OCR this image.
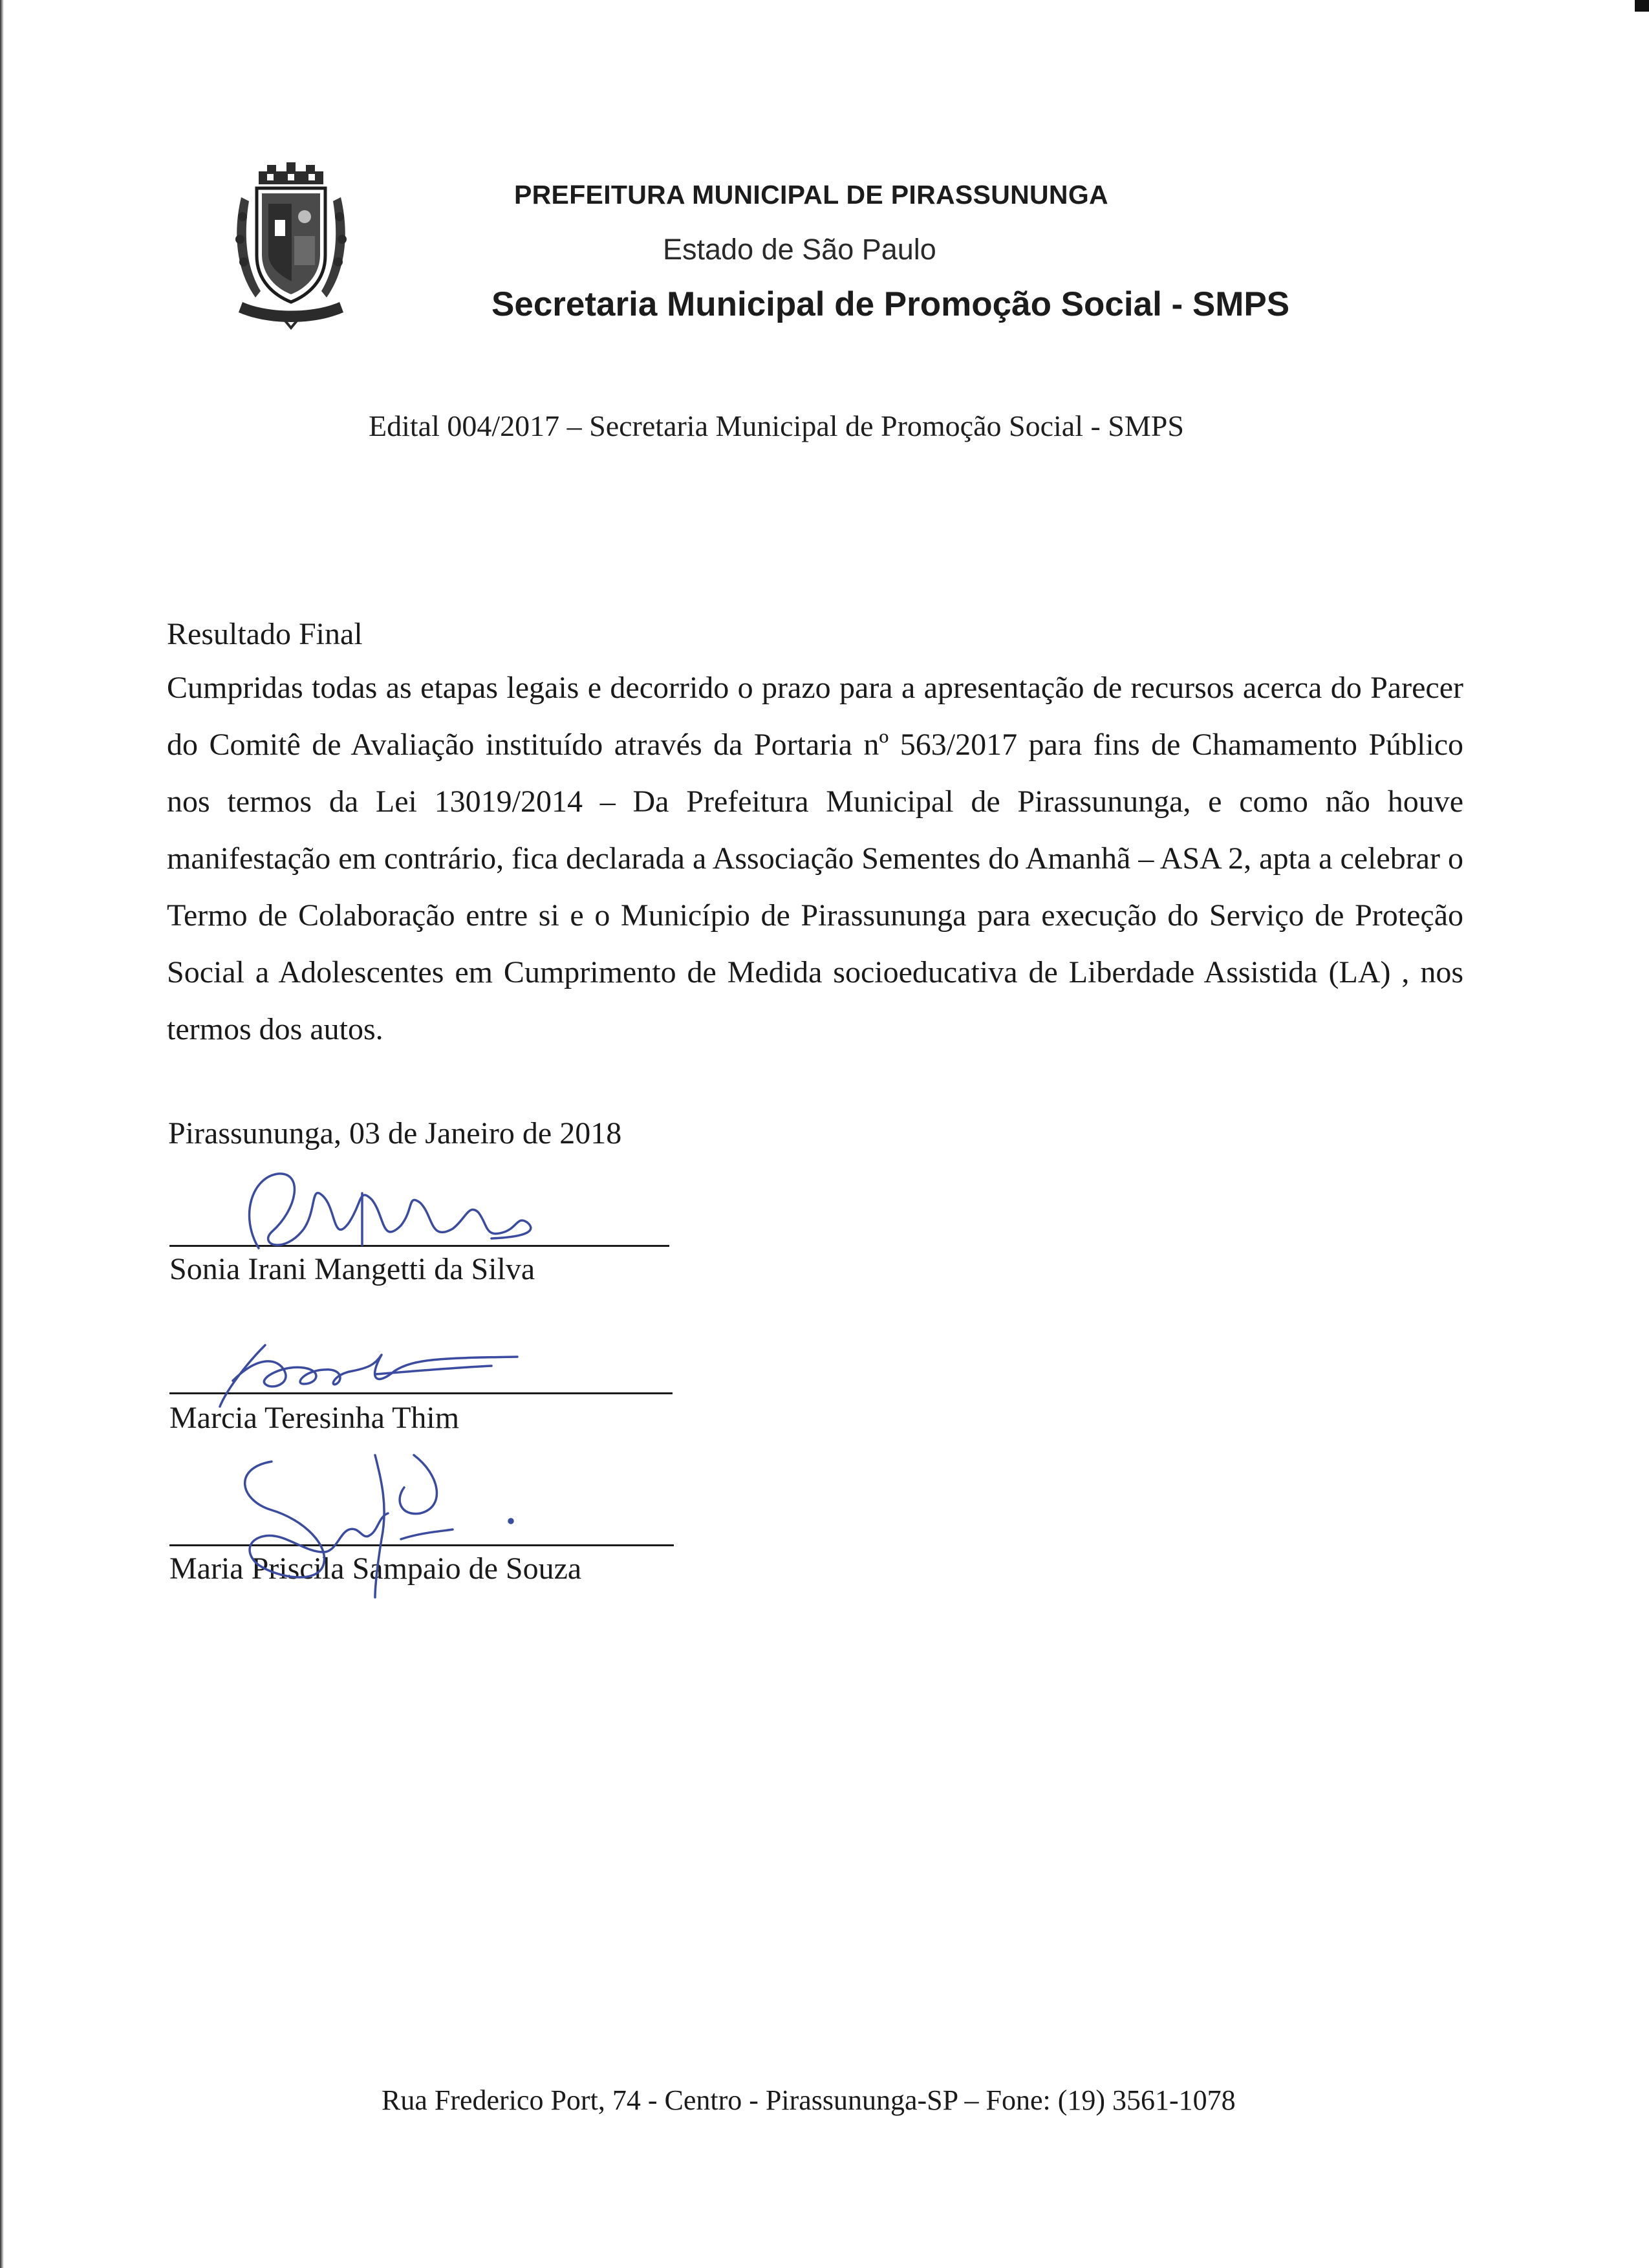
PREFEITURA MUNICIPAL DE PIRASSUNUNGA
Estado de São Paulo
Secretaria Municipal de Promoção Social - SMPS
Edital 004/2017 – Secretaria Municipal de Promoção Social - SMPS
Resultado Final
Cumpridas todas as etapas legais e decorrido o prazo para a apresentação de recursos acerca do Parecer do Comitê de Avaliação instituído através da Portaria nº 563/2017 para fins de Chamamento Público nos termos da Lei 13019/2014 – Da Prefeitura Municipal de Pirassununga, e como não houve manifestação em contrário, fica declarada a Associação Sementes do Amanhã – ASA 2, apta a celebrar o Termo de Colaboração entre si e o Município de Pirassununga para execução do Serviço de Proteção Social a Adolescentes em Cumprimento de Medida socioeducativa de Liberdade Assistida (LA) , nos termos dos autos.
Pirassununga, 03 de Janeiro de 2018
Sonia Irani Mangetti da Silva
Marcia Teresinha Thim
Maria Priscila Sampaio de Souza
Rua Frederico Port, 74 - Centro - Pirassununga-SP – Fone: (19) 3561-1078
